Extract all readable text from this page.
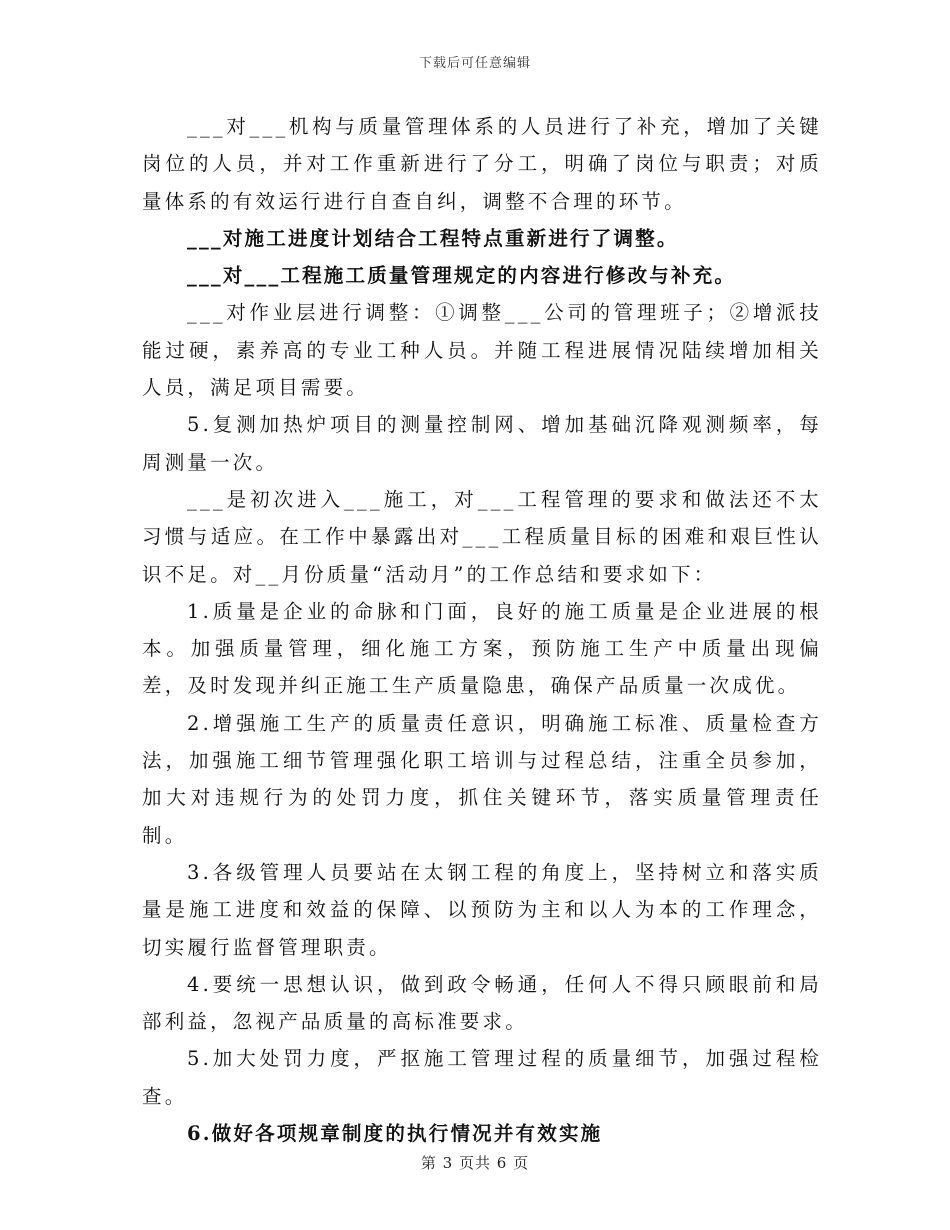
下载后可任意编辑

___对___机构与质量管理体系的人员进行了补充，增加了关键岗位的人员，并对工作重新进行了分工，明确了岗位与职责；对质量体系的有效运行进行自查自纠，调整不合理的环节。

___对施工进度计划结合工程特点重新进行了调整。

___对___工程施工质量管理规定的内容进行修改与补充。

___对作业层进行调整：①调整___公司的管理班子；②增派技能过硬，素养高的专业工种人员。并随工程进展情况陆续增加相关人员，满足项目需要。

5.复测加热炉项目的测量控制网、增加基础沉降观测频率，每周测量一次。

___是初次进入___施工，对___工程管理的要求和做法还不太习惯与适应。在工作中暴露出对___工程质量目标的困难和艰巨性认识不足。对__月份质量“活动月”的工作总结和要求如下：

1.质量是企业的命脉和门面，良好的施工质量是企业进展的根本。加强质量管理，细化施工方案，预防施工生产中质量出现偏差，及时发现并纠正施工生产质量隐患，确保产品质量一次成优。

2.增强施工生产的质量责任意识，明确施工标准、质量检查方法，加强施工细节管理强化职工培训与过程总结，注重全员参加，加大对违规行为的处罚力度，抓住关键环节，落实质量管理责任制。

3.各级管理人员要站在太钢工程的角度上，坚持树立和落实质量是施工进度和效益的保障、以预防为主和以人为本的工作理念，切实履行监督管理职责。

4.要统一思想认识，做到政令畅通，任何人不得只顾眼前和局部利益，忽视产品质量的高标准要求。

5.加大处罚力度，严抠施工管理过程的质量细节，加强过程检查。

6.做好各项规章制度的执行情况并有效实施

第 3 页共 6 页
